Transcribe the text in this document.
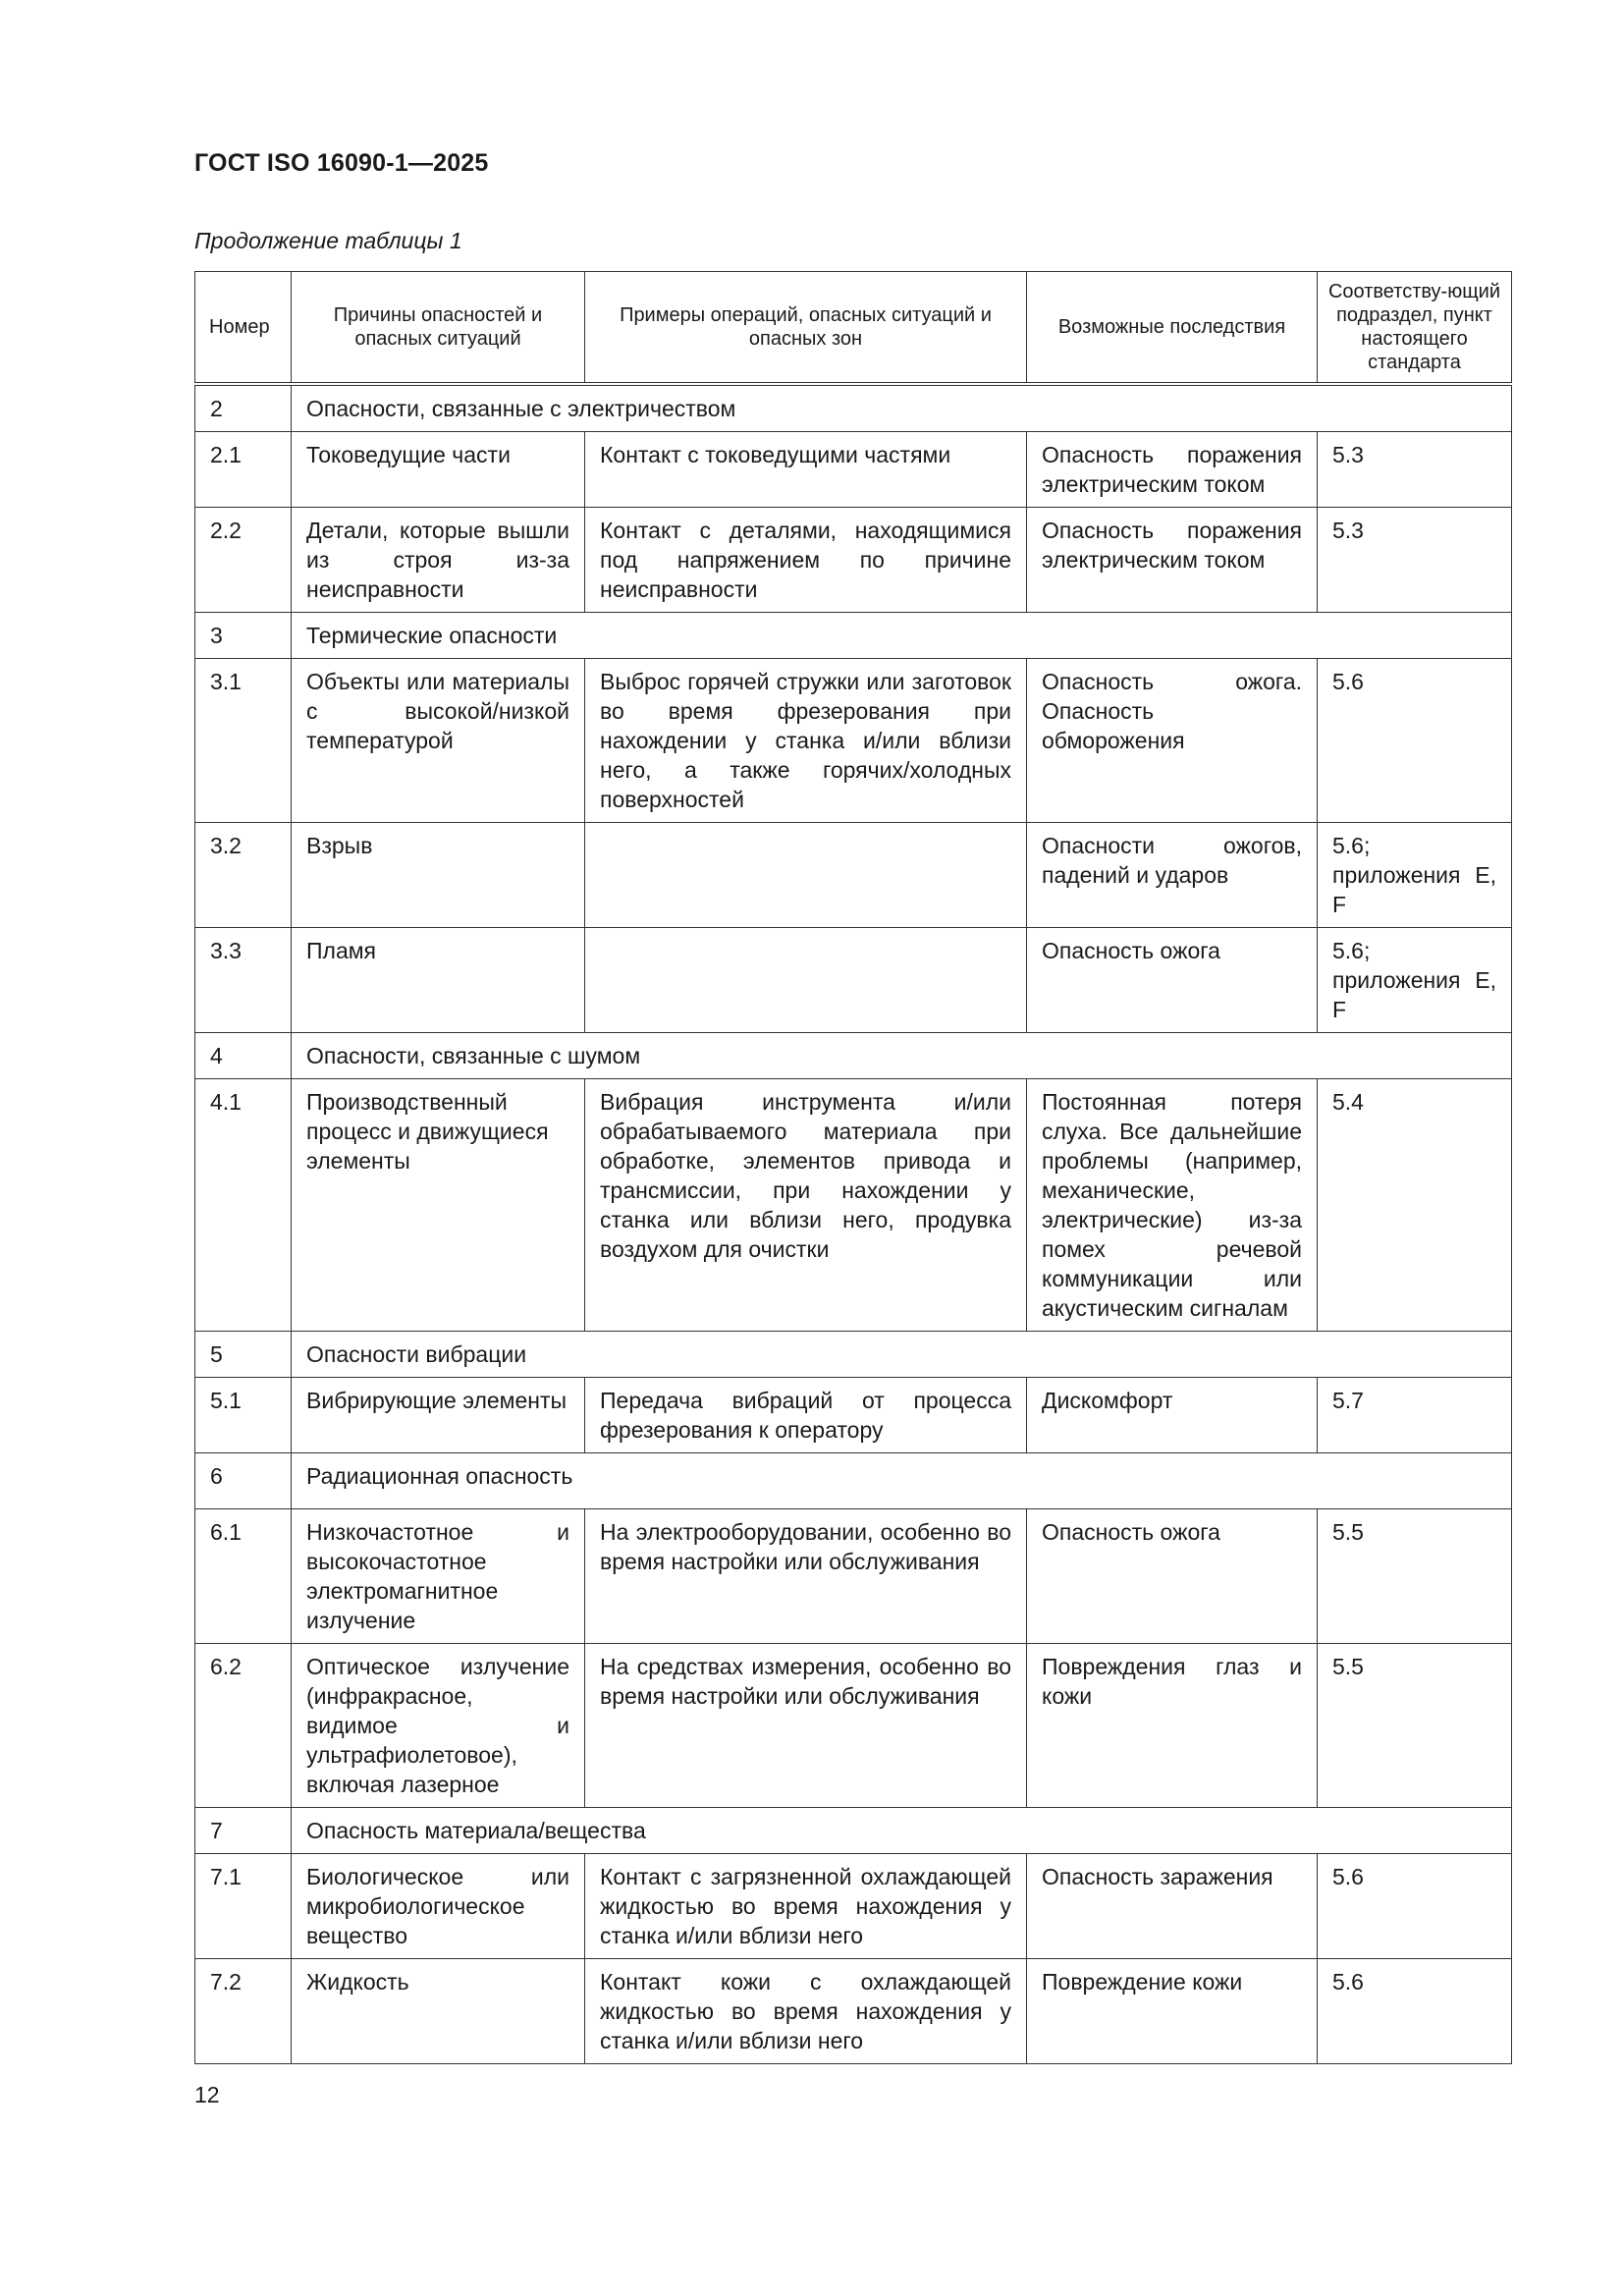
ГОСТ ISO 16090-1—2025
Продолжение таблицы 1
Номер	Причины опасностей и опасных ситуаций	Примеры операций, опасных ситуаций и опасных зон	Возможные последствия	Соответству-ющий подраздел, пункт настоящего стандарта
2	Опасности, связанные с электричеством			
2.1	Токоведущие части	Контакт с токоведущими частями	Опасность поражения электрическим током	5.3
2.2	Детали, которые вышли из строя из-за неисправности	Контакт с деталями, находящимися под напряжением по причине неисправности	Опасность поражения электрическим током	5.3
3	Термические опасности			
3.1	Объекты или материалы с высокой/низкой температурой	Выброс горячей стружки или заготовок во время фрезерования при нахождении у станка и/или вблизи него, а также горячих/холодных поверхностей	Опасность ожога. Опасность обморожения	5.6
3.2	Взрыв		Опасности ожогов, падений и ударов	5.6; приложения E, F
3.3	Пламя		Опасность ожога	5.6; приложения E, F
4	Опасности, связанные с шумом			
4.1	Производственный процесс и движущиеся элементы	Вибрация инструмента и/или обрабатываемого материала при обработке, элементов привода и трансмиссии, при нахождении у станка или вблизи него, продувка воздухом для очистки	Постоянная потеря слуха. Все дальнейшие проблемы (например, механические, электрические) из-за помех речевой коммуникации или акустическим сигналам	5.4
5	Опасности вибрации			
5.1	Вибрирующие элементы	Передача вибраций от процесса фрезерования к оператору	Дискомфорт	5.7
6	Радиационная опасность			
6.1	Низкочастотное и высокочастотное электромагнитное излучение	На электрооборудовании, особенно во время настройки или обслуживания	Опасность ожога	5.5
6.2	Оптическое излучение (инфракрасное, видимое и ультрафиолетовое), включая лазерное	На средствах измерения, особенно во время настройки или обслуживания	Повреждения глаз и кожи	5.5
7	Опасность материала/вещества			
7.1	Биологическое или микробиологическое вещество	Контакт с загрязненной охлаждающей жидкостью во время нахождения у станка и/или вблизи него	Опасность заражения	5.6
7.2	Жидкость	Контакт кожи с охлаждающей жидкостью во время нахождения у станка и/или вблизи него	Повреждение кожи	5.6
12
